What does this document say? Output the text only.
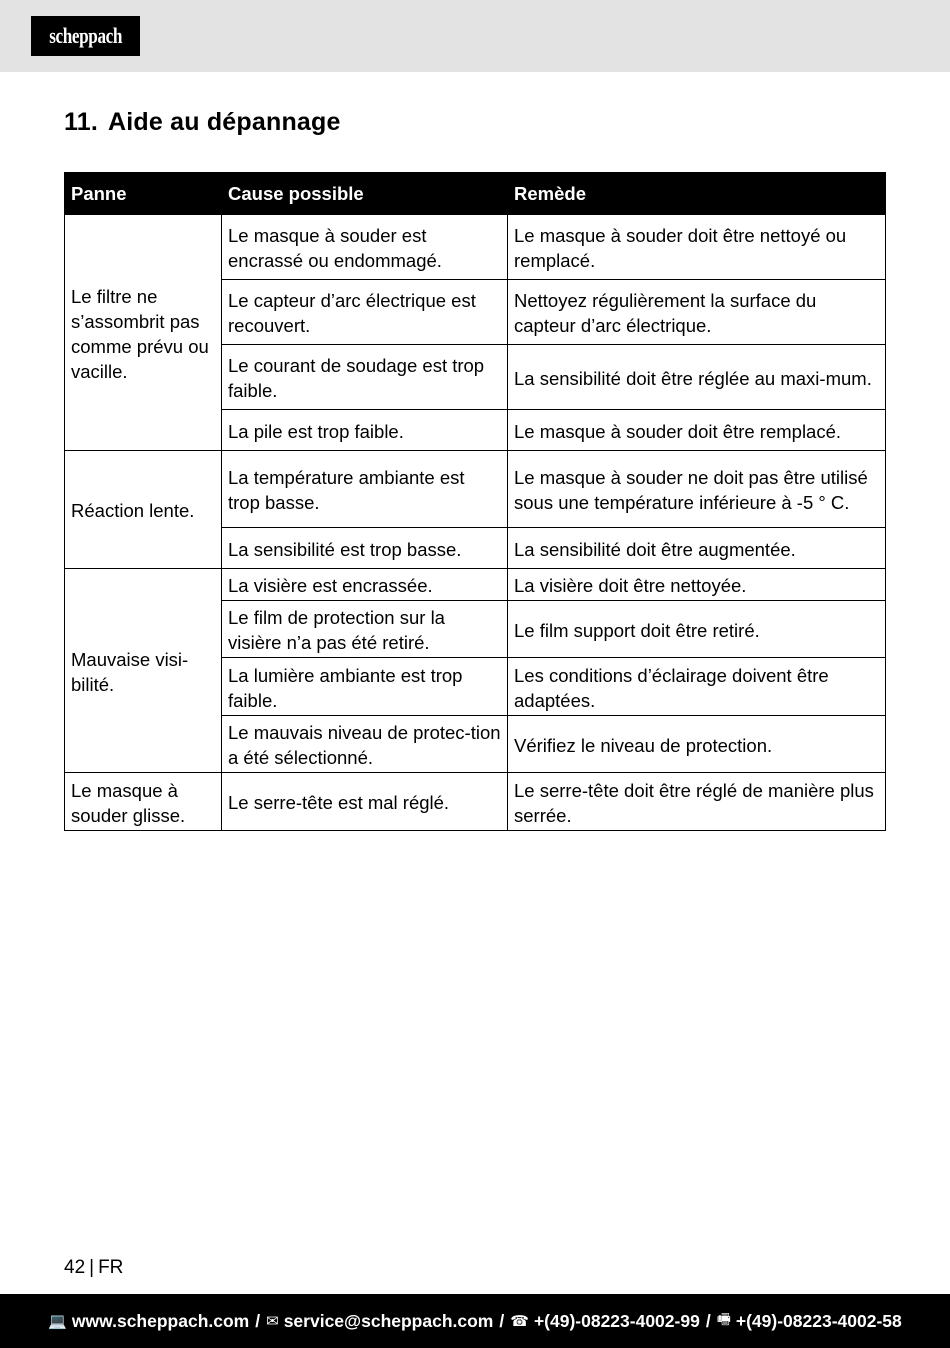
scheppach
11. Aide au dépannage
Panne	Cause possible	Remède
Le filtre ne s’assombrit pas comme prévu ou vacille.	Le masque à souder est encrassé ou endommagé.	Le masque à souder doit être nettoyé ou remplacé.
	Le capteur d’arc électrique est recouvert.	Nettoyez régulièrement la surface du capteur d’arc électrique.
	Le courant de soudage est trop faible.	La sensibilité doit être réglée au maxi-mum.
	La pile est trop faible.	Le masque à souder doit être remplacé.
Réaction lente.	La température ambiante est trop basse.	Le masque à souder ne doit pas être utilisé sous une température inférieure à -5 ° C.
	La sensibilité est trop basse.	La sensibilité doit être augmentée.
Mauvaise visi-bilité.	La visière est encrassée.	La visière doit être nettoyée.
	Le film de protection sur la visière n’a pas été retiré.	Le film support doit être retiré.
	La lumière ambiante est trop faible.	Les conditions d’éclairage doivent être adaptées.
	Le mauvais niveau de protec-tion a été sélectionné.	Vérifiez le niveau de protection.
Le masque à souder glisse.	Le serre-tête est mal réglé.	Le serre-tête doit être réglé de manière plus serrée.
42 | FR
💻 www.scheppach.com / ✉ service@scheppach.com / ☎ +(49)-08223-4002-99 / 🖷 +(49)-08223-4002-58
